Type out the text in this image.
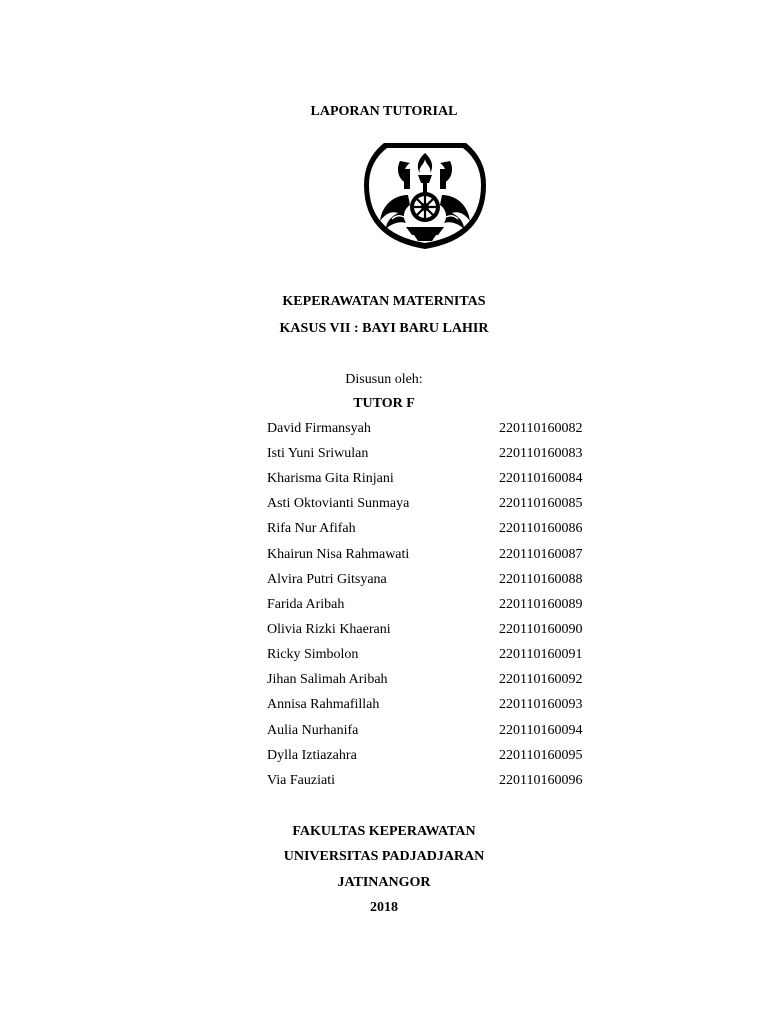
LAPORAN TUTORIAL
KEPERAWATAN MATERNITAS
KASUS VII : BAYI BARU LAHIR
Disusun oleh:
TUTOR F
David Firmansyah	220110160082
Isti Yuni Sriwulan	220110160083
Kharisma Gita Rinjani	220110160084
Asti Oktovianti Sunmaya	220110160085
Rifa Nur Afifah	220110160086
Khairun Nisa Rahmawati	220110160087
Alvira Putri Gitsyana	220110160088
Farida Aribah	220110160089
Olivia Rizki Khaerani	220110160090
Ricky Simbolon	220110160091
Jihan Salimah Aribah	220110160092
Annisa Rahmafillah	220110160093
Aulia Nurhanifa	220110160094
Dylla Iztiazahra	220110160095
Via Fauziati	220110160096
FAKULTAS KEPERAWATAN
UNIVERSITAS PADJADJARAN
JATINANGOR
2018
